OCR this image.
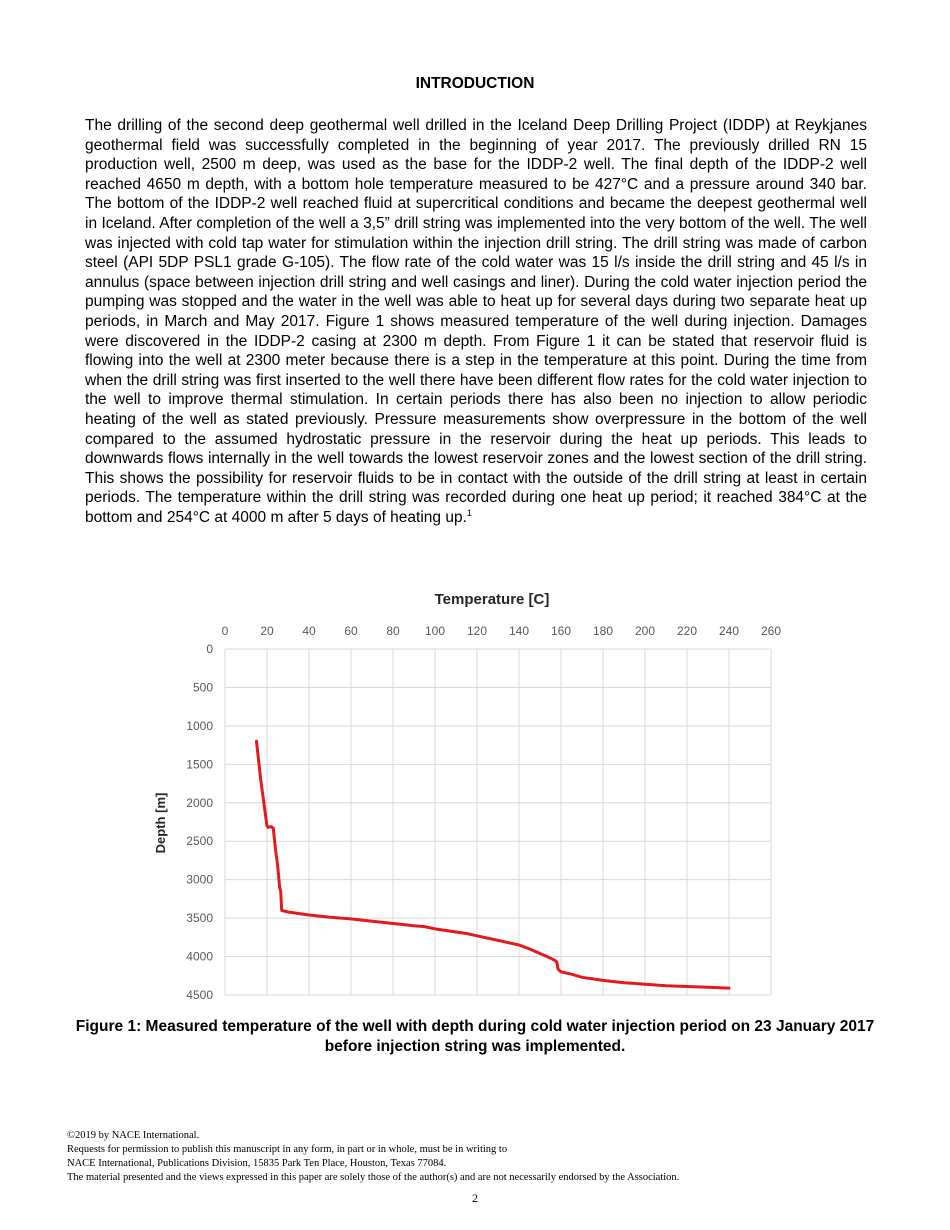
INTRODUCTION

The drilling of the second deep geothermal well drilled in the Iceland Deep Drilling Project (IDDP) at Reykjanes geothermal field was successfully completed in the beginning of year 2017. The previously drilled RN 15 production well, 2500 m deep, was used as the base for the IDDP-2 well. The final depth of the IDDP-2 well reached 4650 m depth, with a bottom hole temperature measured to be 427°C and a pressure around 340 bar. The bottom of the IDDP-2 well reached fluid at supercritical conditions and became the deepest geothermal well in Iceland. After completion of the well a 3,5” drill string was implemented into the very bottom of the well. The well was injected with cold tap water for stimulation within the injection drill string. The drill string was made of carbon steel (API 5DP PSL1 grade G-105). The flow rate of the cold water was 15 l/s inside the drill string and 45 l/s in annulus (space between injection drill string and well casings and liner). During the cold water injection period the pumping was stopped and the water in the well was able to heat up for several days during two separate heat up periods, in March and May 2017. Figure 1 shows measured temperature of the well during injection. Damages were discovered in the IDDP-2 casing at 2300 m depth. From Figure 1 it can be stated that reservoir fluid is flowing into the well at 2300 meter because there is a step in the temperature at this point. During the time from when the drill string was first inserted to the well there have been different flow rates for the cold water injection to the well to improve thermal stimulation. In certain periods there has also been no injection to allow periodic heating of the well as stated previously. Pressure measurements show overpressure in the bottom of the well compared to the assumed hydrostatic pressure in the reservoir during the heat up periods. This leads to downwards flows internally in the well towards the lowest reservoir zones and the lowest section of the drill string. This shows the possibility for reservoir fluids to be in contact with the outside of the drill string at least in certain periods. The temperature within the drill string was recorded during one heat up period; it reached 384°C at the bottom and 254°C at 4000 m after 5 days of heating up.$^1$

Temperature [C]
0	20 40 60 80 100 120 140 160 180 200 220 240 260
0
500
1000
1500
2000
2500
3000
3500
4000
4500
Depth [m]
Figure 1: Measured temperature of the well with depth during cold water injection period on 23 January 2017 before injection string was implemented.
©2019 by NACE International.
Requests for permission to publish this manuscript in any form, in part or in whole, must be in writing to
NACE International, Publications Division, 15835 Park Ten Place, Houston, Texas 77084.
The material presented and the views expressed in this paper are solely those of the author(s) and are not necessarily endorsed by the Association.
2
